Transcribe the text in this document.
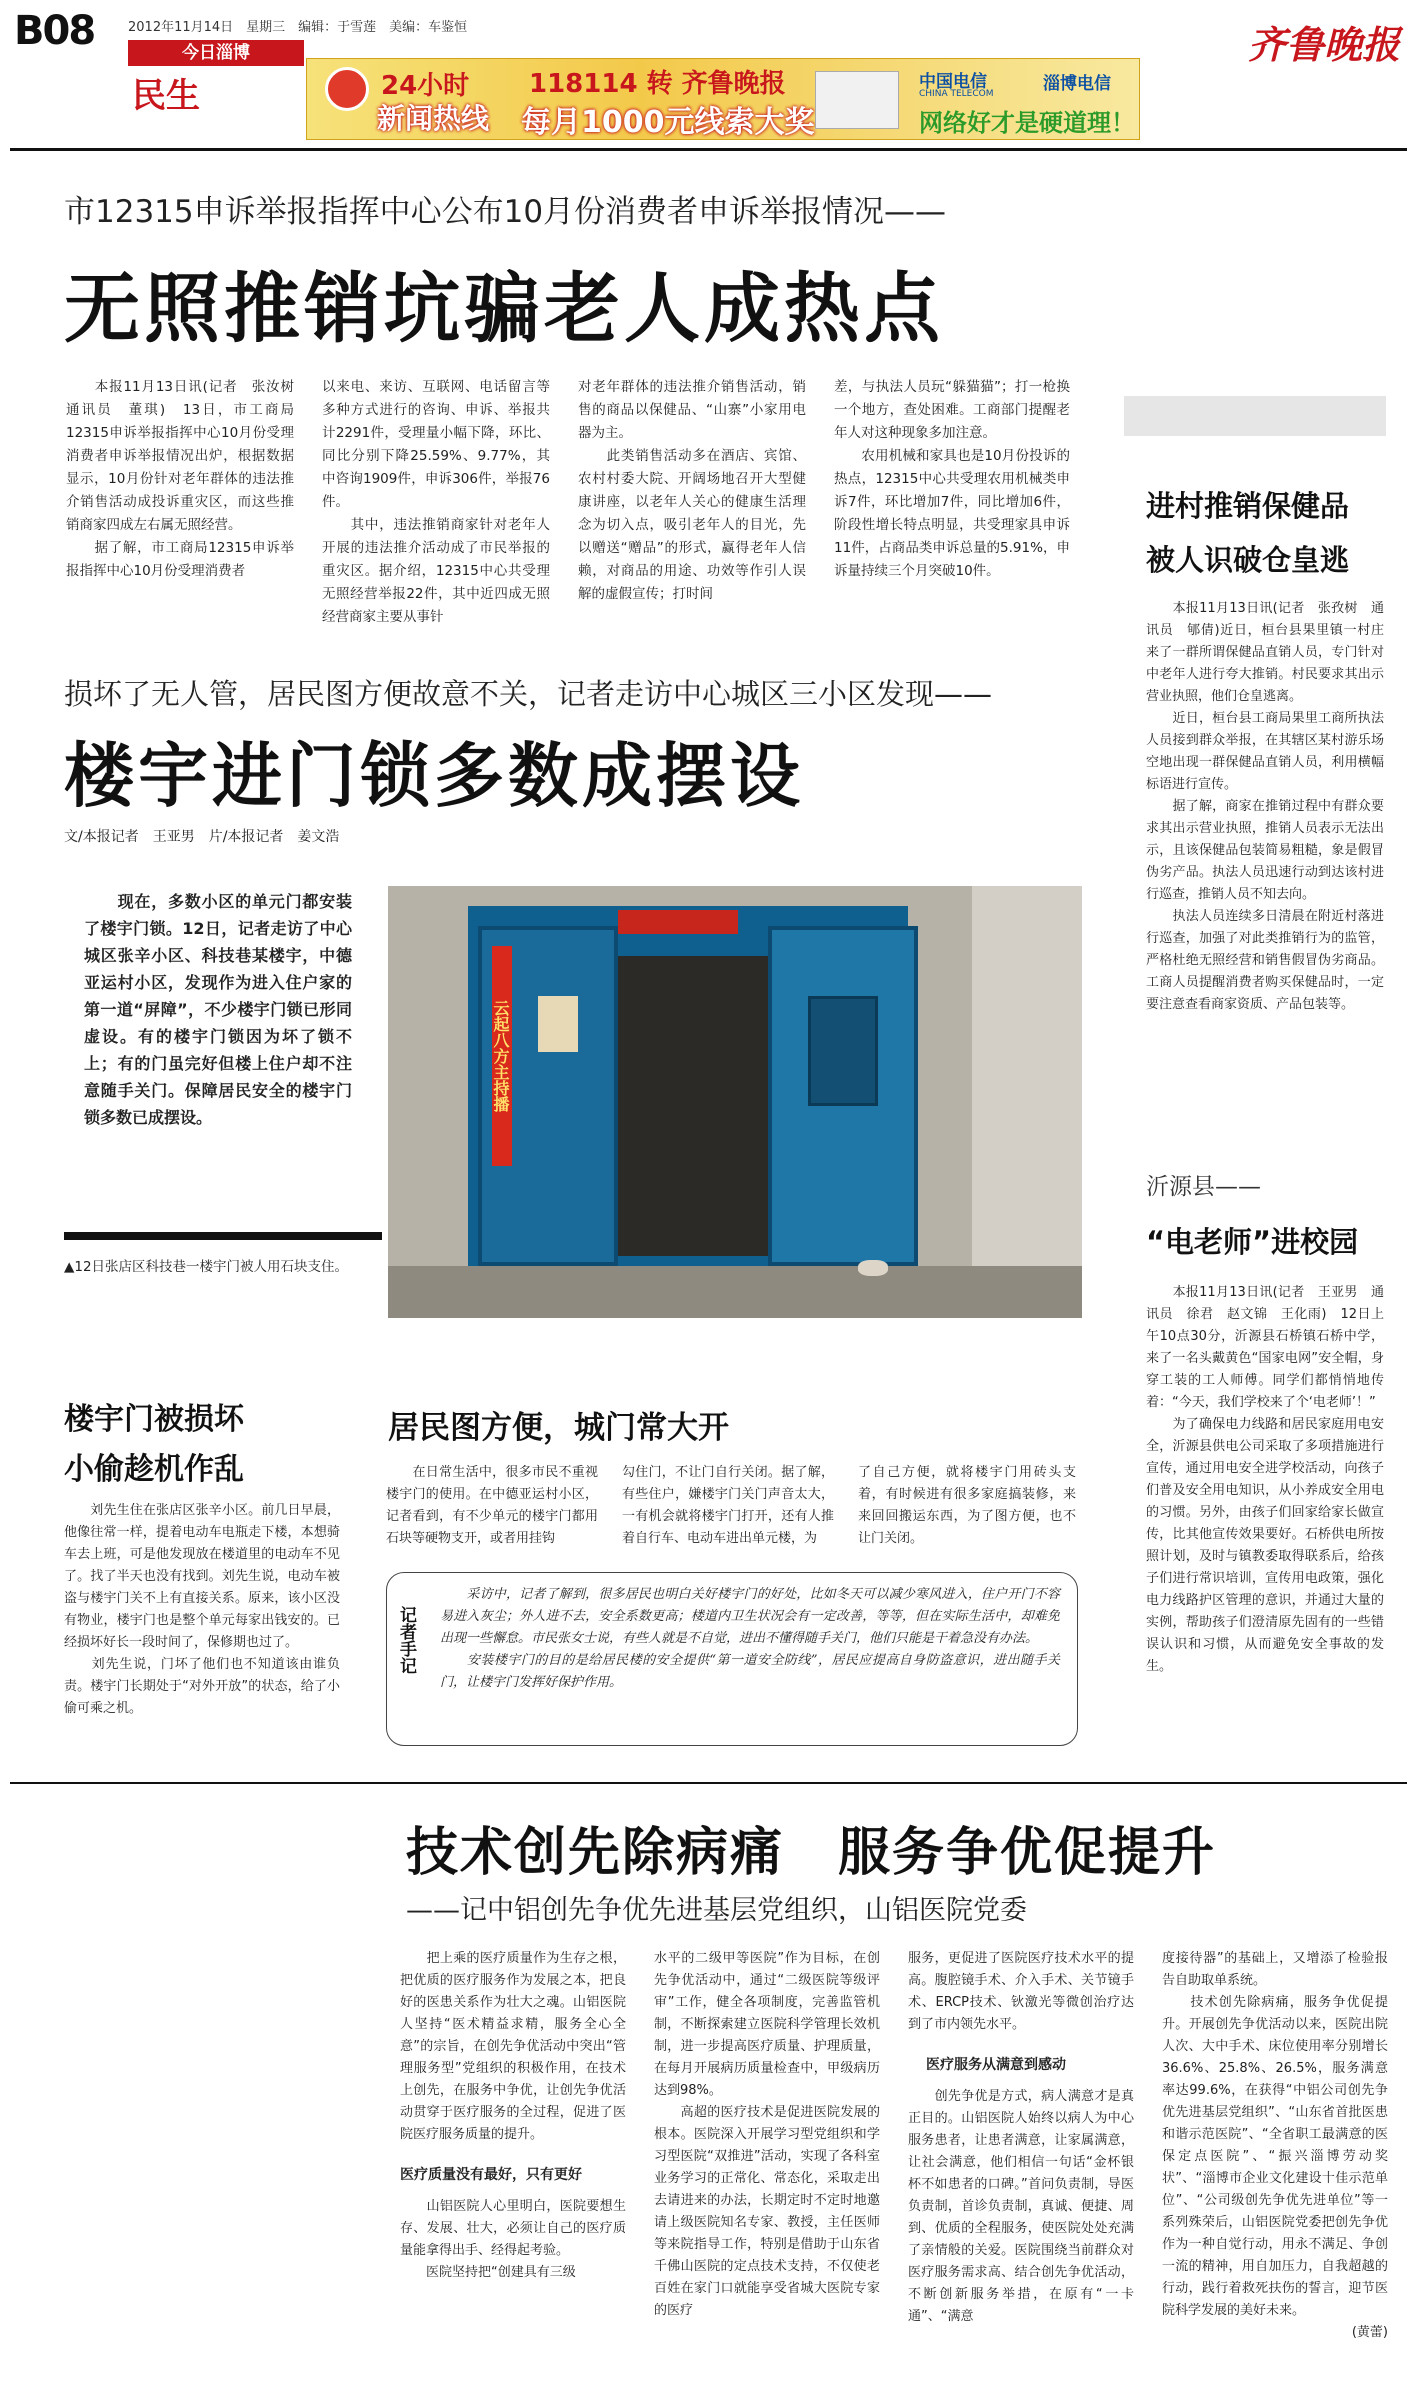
B08	2012年11月14日　星期三　编辑：于雪莲　美编：车鉴恒
今日淄博
民生	24小时
新闻热线
118114 转 齐鲁晚报
每月1000元线索大奖
中国电信
CHINA TELECOM	淄博电信
网络好才是硬道理！
齐鲁晚报
市12315申诉举报指挥中心公布10月份消费者申诉举报情况——
无照推销坑骗老人成热点
　　本报11月13日讯(记者　张汝树　通讯员　董琪)　13日，市工商局12315申诉举报指挥中心10月份受理消费者申诉举报情况出炉，根据数据显示，10月份针对老年群体的违法推介销售活动成投诉重灾区，而这些推销商家四成左右属无照经营。
　　据了解，市工商局12315申诉举报指挥中心10月份受理消费者
以来电、来访、互联网、电话留言等多种方式进行的咨询、申诉、举报共计2291件，受理量小幅下降，环比、同比分别下降25.59%、9.77%，其中咨询1909件，申诉306件，举报76件。
　　其中，违法推销商家针对老年人开展的违法推介活动成了市民举报的重灾区。据介绍，12315中心共受理无照经营举报22件，其中近四成无照经营商家主要从事针
对老年群体的违法推介销售活动，销售的商品以保健品、“山寨”小家用电器为主。
　　此类销售活动多在酒店、宾馆、农村村委大院、开阔场地召开大型健康讲座，以老年人关心的健康生活理念为切入点，吸引老年人的目光，先以赠送“赠品”的形式，赢得老年人信赖，对商品的用途、功效等作引人误解的虚假宣传；打时间
差，与执法人员玩“躲猫猫”；打一枪换一个地方，查处困难。工商部门提醒老年人对这种现象多加注意。
　　农用机械和家具也是10月份投诉的热点，12315中心共受理农用机械类申诉7件，环比增加7件，同比增加6件，阶段性增长特点明显，共受理家具申诉11件，占商品类申诉总量的5.91%，申诉量持续三个月突破10件。
损坏了无人管，居民图方便故意不关，记者走访中心城区三小区发现——
楼宇进门锁多数成摆设
文/本报记者　王亚男　片/本报记者　姜文浩
　　现在，多数小区的单元门都安装了楼宇门锁。12日，记者走访了中心城区张辛小区、科技巷某楼宇，中德亚运村小区，发现作为进入住户家的第一道“屏障”，不少楼宇门锁已形同虚设。有的楼宇门锁因为坏了锁不上；有的门虽完好但楼上住户却不注意随手关门。保障居民安全的楼宇门锁多数已成摆设。
云起八方主持播
▲12日张店区科技巷一楼宇门被人用石块支住。
楼宇门被损坏
小偷趁机作乱
　　刘先生住在张店区张辛小区。前几日早晨，他像往常一样，提着电动车电瓶走下楼，本想骑车去上班，可是他发现放在楼道里的电动车不见了。找了半天也没有找到。刘先生说，电动车被盗与楼宇门关不上有直接关系。原来，该小区没有物业，楼宇门也是整个单元每家出钱安的。已经损坏好长一段时间了，保修期也过了。
　　刘先生说，门坏了他们也不知道该由谁负责。楼宇门长期处于“对外开放”的状态，给了小偷可乘之机。
居民图方便，城门常大开
　　在日常生活中，很多市民不重视楼宇门的使用。在中德亚运村小区，记者看到，有不少单元的楼宇门都用石块等硬物支开，或者用挂钩
勾住门，不让门自行关闭。据了解，有些住户，嫌楼宇门关门声音太大，一有机会就将楼宇门打开，还有人推着自行车、电动车进出单元楼，为
了自己方便，就将楼宇门用砖头支着，有时候进有很多家庭搞装修，来来回回搬运东西，为了图方便，也不让门关闭。
记者手记
　　采访中，记者了解到，很多居民也明白关好楼宇门的好处，比如冬天可以减少寒风进入，住户开门不容易进入灰尘；外人进不去，安全系数更高；楼道内卫生状况会有一定改善，等等，但在实际生活中，却难免出现一些懈怠。市民张女士说，有些人就是不自觉，进出不懂得随手关门，他们只能是干着急没有办法。
　　安装楼宇门的目的是给居民楼的安全提供“第一道安全防线”，居民应提高自身防盗意识，进出随手关门，让楼宇门发挥好保护作用。
进村推销保健品
被人识破仓皇逃
　　本报11月13日讯(记者　张孜树　通讯员　郇倩)近日，桓台县果里镇一村庄来了一群所谓保健品直销人员，专门针对中老年人进行夸大推销。村民要求其出示营业执照，他们仓皇逃离。
　　近日，桓台县工商局果里工商所执法人员接到群众举报，在其辖区某村游乐场空地出现一群保健品直销人员，利用横幅标语进行宣传。
　　据了解，商家在推销过程中有群众要求其出示营业执照，推销人员表示无法出示，且该保健品包装简易粗糙，象是假冒伪劣产品。执法人员迅速行动到达该村进行巡查，推销人员不知去向。
　　执法人员连续多日清晨在附近村落进行巡查，加强了对此类推销行为的监管，严格杜绝无照经营和销售假冒伪劣商品。工商人员提醒消费者购买保健品时，一定要注意查看商家资质、产品包装等。
沂源县——
“电老师”进校园
　　本报11月13日讯(记者　王亚男　通讯员　徐君　赵文锦　王化雨)　12日上午10点30分，沂源县石桥镇石桥中学，来了一名头戴黄色“国家电网”安全帽，身穿工装的工人师傅。同学们都悄悄地传着：“今天，我们学校来了个‘电老师’！”
　　为了确保电力线路和居民家庭用电安全，沂源县供电公司采取了多项措施进行宣传，通过用电安全进学校活动，向孩子们普及安全用电知识，从小养成安全用电的习惯。另外，由孩子们回家给家长做宣传，比其他宣传效果要好。石桥供电所按照计划，及时与镇教委取得联系后，给孩子们进行常识培训，宣传用电政策，强化电力线路护区管理的意识，并通过大量的实例，帮助孩子们澄清原先固有的一些错误认识和习惯，从而避免安全事故的发生。
技术创先除病痛　服务争优促提升
——记中铝创先争优先进基层党组织，山铝医院党委
　　把上乘的医疗质量作为生存之根，把优质的医疗服务作为发展之本，把良好的医患关系作为壮大之魂。山铝医院人坚持“医术精益求精，服务全心全意”的宗旨，在创先争优活动中突出“管理服务型”党组织的积极作用，在技术上创先，在服务中争优，让创先争优活动贯穿于医疗服务的全过程，促进了医院医疗服务质量的提升。
医疗质量没有最好，只有更好
　　山铝医院人心里明白，医院要想生存、发展、壮大，必须让自己的医疗质量能拿得出手、经得起考验。
　　医院坚持把“创建具有三级
水平的二级甲等医院”作为目标，在创先争优活动中，通过“二级医院等级评审”工作，健全各项制度，完善监管机制，不断探索建立医院科学管理长效机制，进一步提高医疗质量、护理质量，在每月开展病历质量检查中，甲级病历达到98%。
　　高超的医疗技术是促进医院发展的根本。医院深入开展学习型党组织和学习型医院“双推进”活动，实现了各科室业务学习的正常化、常态化，采取走出去请进来的办法，长期定时不定时地邀请上级医院知名专家、教授，主任医师等来院指导工作，特别是借助于山东省千佛山医院的定点技术支持，不仅使老百姓在家门口就能享受省城大医院专家的医疗
服务，更促进了医院医疗技术水平的提高。腹腔镜手术、介入手术、关节镜手术、ERCP技术、钬激光等微创治疗达到了市内领先水平。
医疗服务从满意到感动
　　创先争优是方式，病人满意才是真正目的。山铝医院人始终以病人为中心服务患者，让患者满意，让家属满意，让社会满意，他们相信一句话“金杯银杯不如患者的口碑。”首问负责制，导医负责制，首诊负责制，真诚、便捷、周到、优质的全程服务，使医院处处充满了亲情般的关爱。医院围绕当前群众对医疗服务需求高、结合创先争优活动，不断创新服务举措，在原有“一卡通”、“满意
度接待器”的基础上，又增添了检验报告自助取单系统。
　　技术创先除病痛，服务争优促提升。开展创先争优活动以来，医院出院人次、大中手术、床位使用率分别增长36.6%、25.8%、26.5%，服务满意率达99.6%，在获得“中铝公司创先争优先进基层党组织”、“山东省首批医患和谐示范医院”、“全省职工最满意的医保定点医院”、“振兴淄博劳动奖状”、“淄博市企业文化建设十佳示范单位”、“公司级创先争优先进单位”等一系列殊荣后，山铝医院党委把创先争优作为一种自觉行动，用永不满足、争创一流的精神，用自加压力，自我超越的行动，践行着救死扶伤的誓言，迎节医院科学发展的美好未来。
(黄蕾)
